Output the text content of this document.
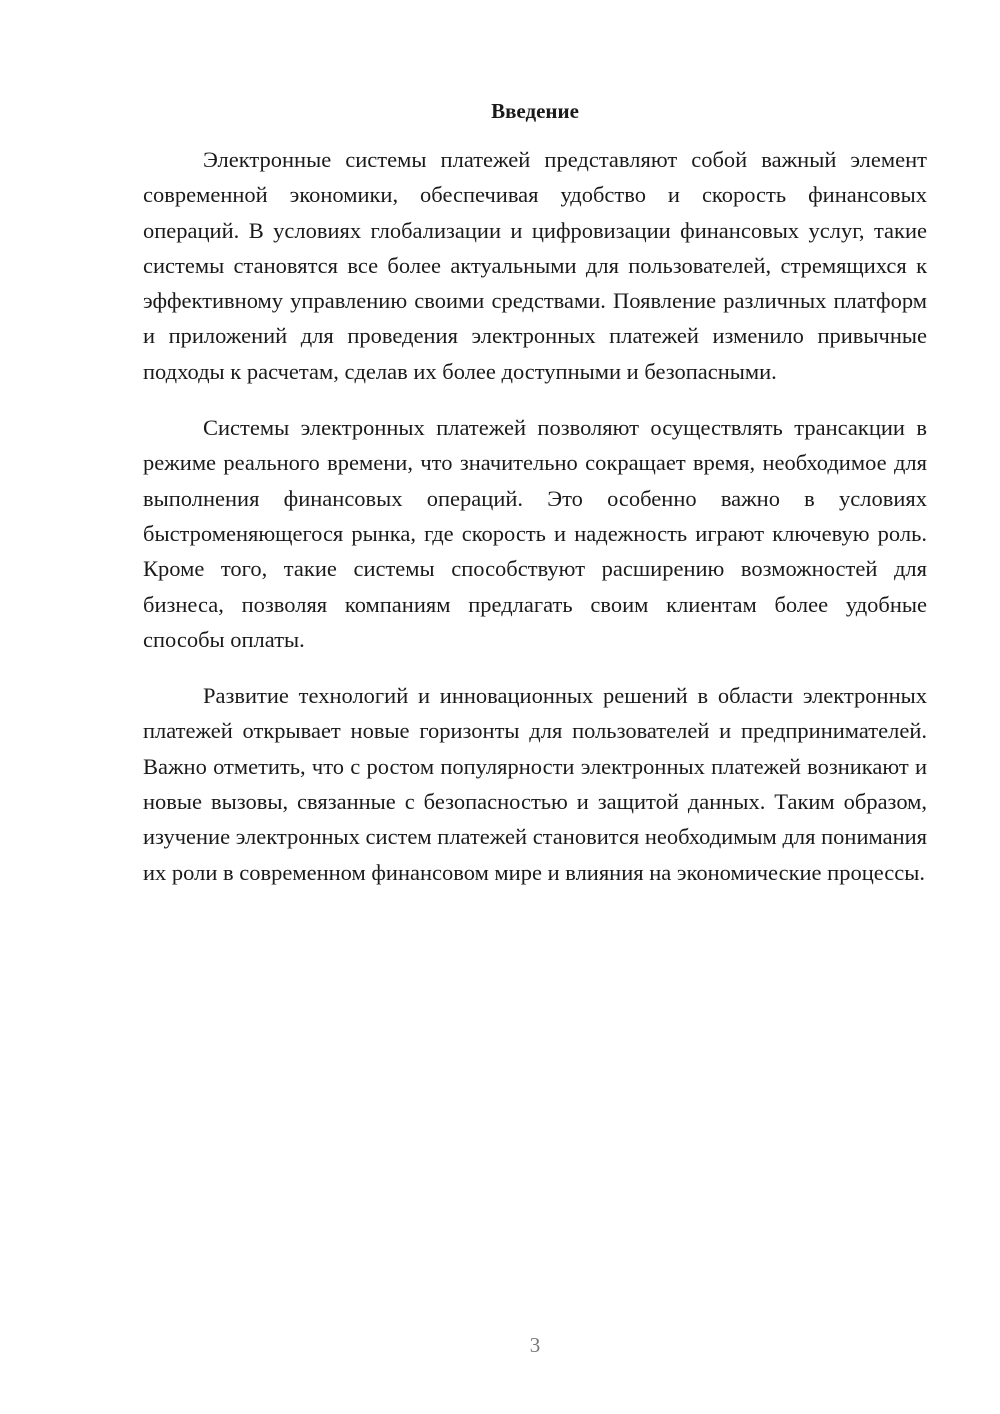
Введение

Электронные системы платежей представляют собой важный элемент современной экономики, обеспечивая удобство и скорость финансовых операций. В условиях глобализации и цифровизации финансовых услуг, такие системы становятся все более актуальными для пользователей, стремящихся к эффективному управлению своими средствами. Появление различных платформ и приложений для проведения электронных платежей изменило привычные подходы к расчетам, сделав их более доступными и безопасными.

Системы электронных платежей позволяют осуществлять трансакции в режиме реального времени, что значительно сокращает время, необходимое для выполнения финансовых операций. Это особенно важно в условиях быстроменяющегося рынка, где скорость и надежность играют ключевую роль. Кроме того, такие системы способствуют расширению возможностей для бизнеса, позволяя компаниям предлагать своим клиентам более удобные способы оплаты.

Развитие технологий и инновационных решений в области электронных платежей открывает новые горизонты для пользователей и предпринимателей. Важно отметить, что с ростом популярности электронных платежей возникают и новые вызовы, связанные с безопасностью и защитой данных. Таким образом, изучение электронных систем платежей становится необходимым для понимания их роли в современном финансовом мире и влияния на экономические процессы.

3
